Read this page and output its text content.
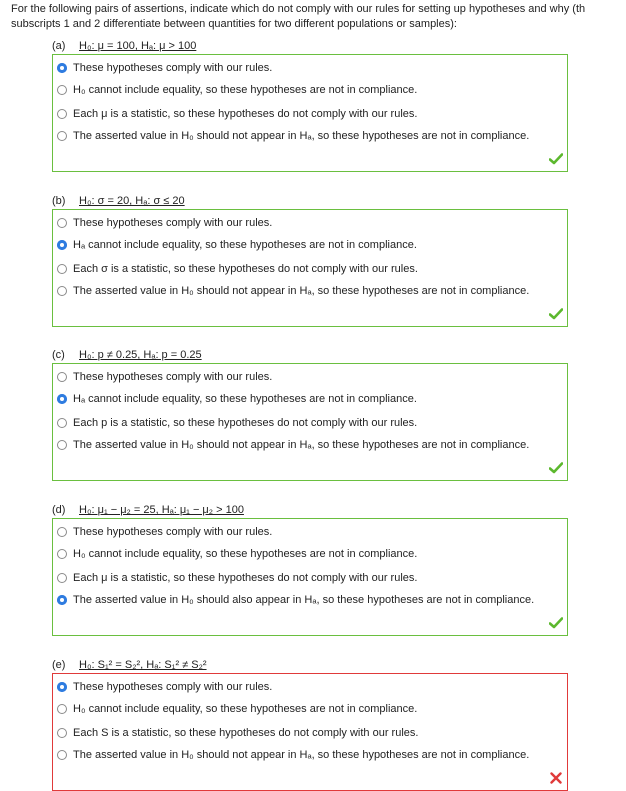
For the following pairs of assertions, indicate which do not comply with our rules for setting up hypotheses and why (th
subscripts 1 and 2 differentiate between quantities for two different populations or samples):
(a) H₀: μ = 100, Hₐ: μ > 100
These hypotheses comply with our rules.
H₀ cannot include equality, so these hypotheses are not in compliance.
Each μ is a statistic, so these hypotheses do not comply with our rules.
The asserted value in H₀ should not appear in Hₐ, so these hypotheses are not in compliance.
(b) H₀: σ = 20, Hₐ: σ ≤ 20
These hypotheses comply with our rules.
Hₐ cannot include equality, so these hypotheses are not in compliance.
Each σ is a statistic, so these hypotheses do not comply with our rules.
The asserted value in H₀ should not appear in Hₐ, so these hypotheses are not in compliance.
(c) H₀: p ≠ 0.25, Hₐ: p = 0.25
These hypotheses comply with our rules.
Hₐ cannot include equality, so these hypotheses are not in compliance.
Each p is a statistic, so these hypotheses do not comply with our rules.
The asserted value in H₀ should not appear in Hₐ, so these hypotheses are not in compliance.
(d) H₀: μ₁ − μ₂ = 25, Hₐ: μ₁ − μ₂ > 100
These hypotheses comply with our rules.
H₀ cannot include equality, so these hypotheses are not in compliance.
Each μ is a statistic, so these hypotheses do not comply with our rules.
The asserted value in H₀ should also appear in Hₐ, so these hypotheses are not in compliance.
(e) H₀: S₁² = S₂², Hₐ: S₁² ≠ S₂²
These hypotheses comply with our rules.
H₀ cannot include equality, so these hypotheses are not in compliance.
Each S is a statistic, so these hypotheses do not comply with our rules.
The asserted value in H₀ should not appear in Hₐ, so these hypotheses are not in compliance.
